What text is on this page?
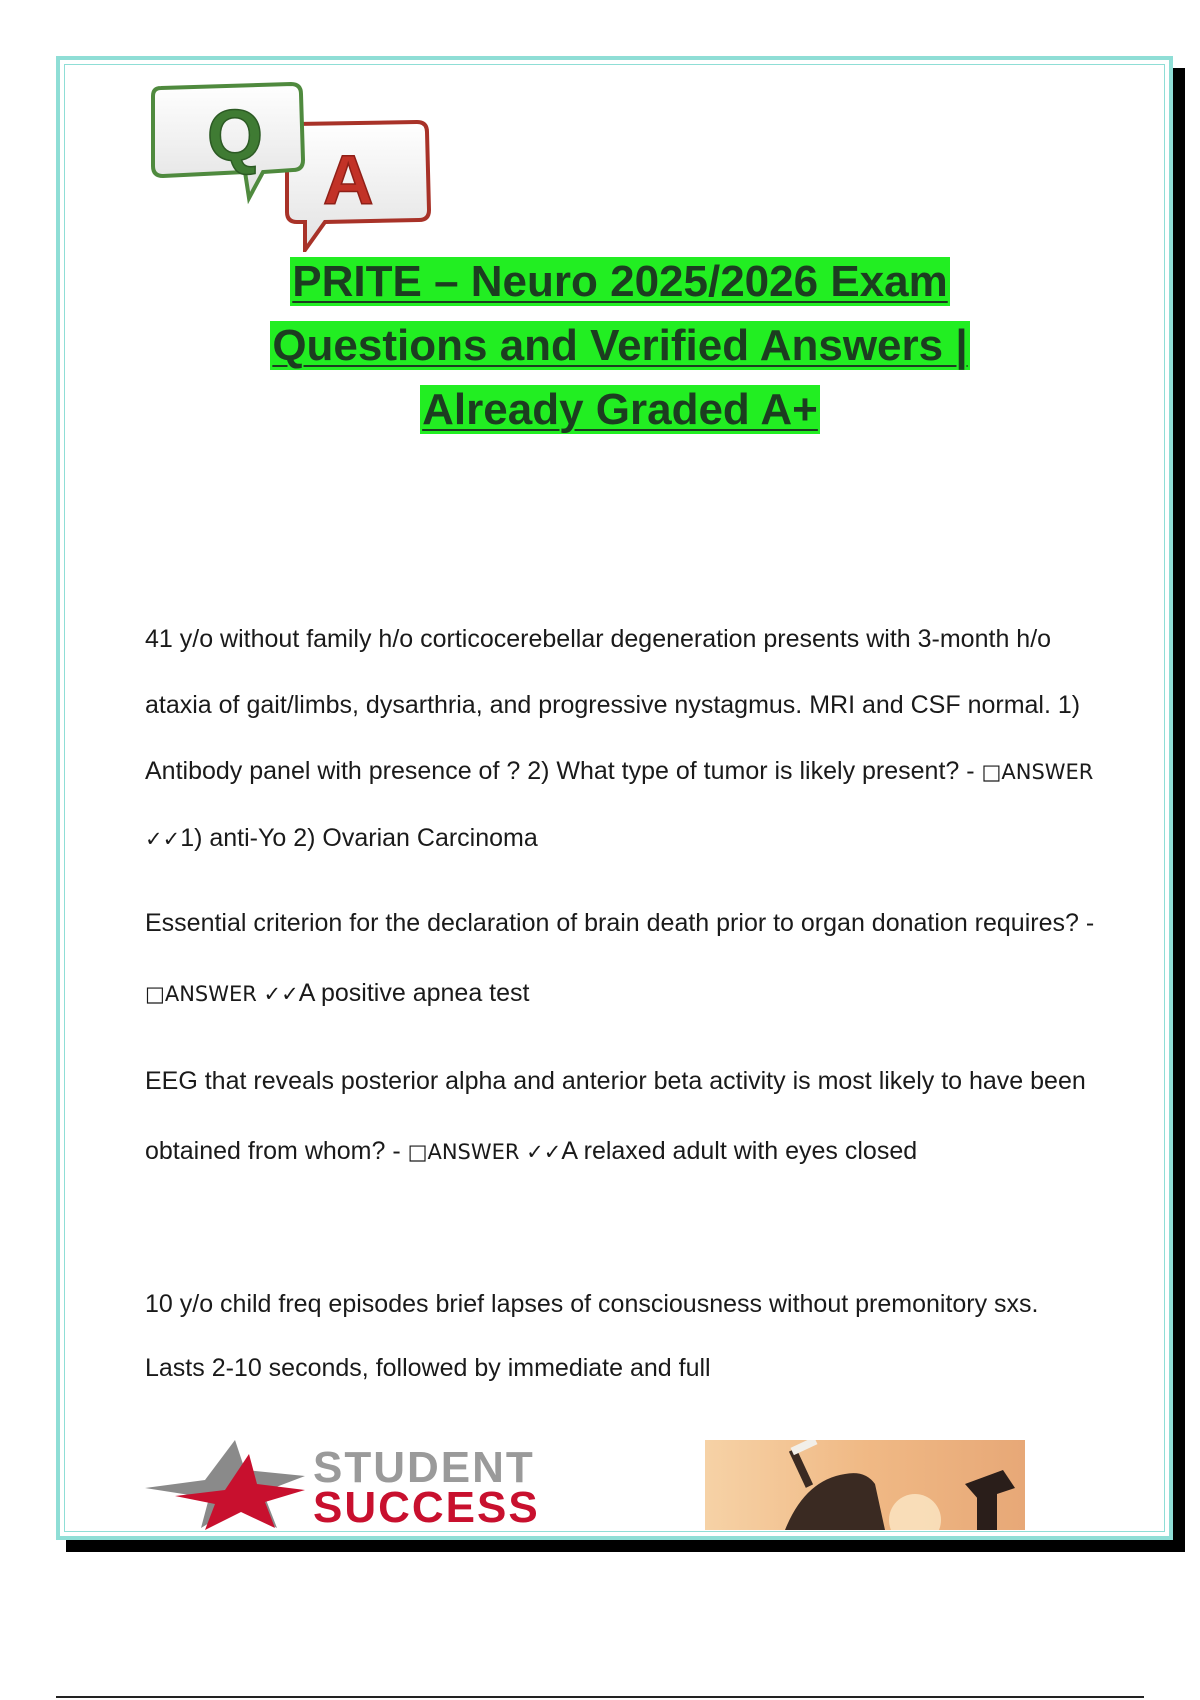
Q
A
PRITE – Neuro 2025/2026 Exam
Questions and Verified Answers |
Already Graded A+
41 y/o without family h/o corticocerebellar degeneration presents with 3-month h/o ataxia of gait/limbs, dysarthria, and progressive nystagmus. MRI and CSF normal. 1) Antibody panel with presence of ? 2) What type of tumor is likely present? - □ANSWER ✓✓1) anti-Yo 2) Ovarian Carcinoma
Essential criterion for the declaration of brain death prior to organ donation requires? - □ANSWER ✓✓A positive apnea test
EEG that reveals posterior alpha and anterior beta activity is most likely to have been obtained from whom? - □ANSWER ✓✓A relaxed adult with eyes closed
10 y/o child freq episodes brief lapses of consciousness without premonitory sxs. Lasts 2-10 seconds, followed by immediate and full
STUDENT
SUCCESS
